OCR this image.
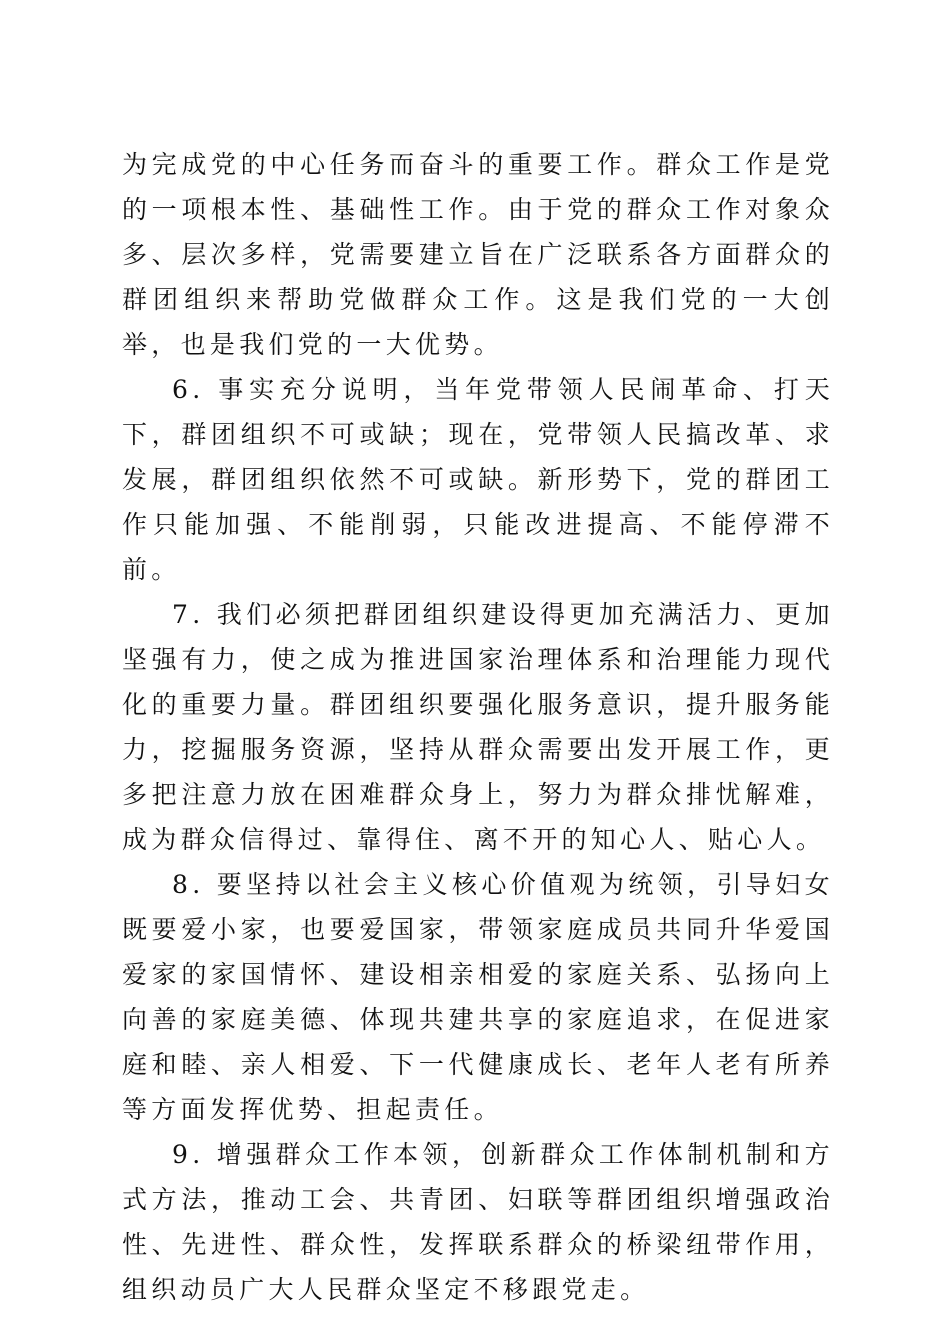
为完成党的中心任务而奋斗的重要工作。群众工作是党的一项根本性、基础性工作。由于党的群众工作对象众多、层次多样，党需要建立旨在广泛联系各方面群众的群团组织来帮助党做群众工作。这是我们党的一大创举，也是我们党的一大优势。

6. 事实充分说明，当年党带领人民闹革命、打天下，群团组织不可或缺；现在，党带领人民搞改革、求发展，群团组织依然不可或缺。新形势下，党的群团工作只能加强、不能削弱，只能改进提高、不能停滞不前。

7. 我们必须把群团组织建设得更加充满活力、更加坚强有力，使之成为推进国家治理体系和治理能力现代化的重要力量。群团组织要强化服务意识，提升服务能力，挖掘服务资源，坚持从群众需要出发开展工作，更多把注意力放在困难群众身上，努力为群众排忧解难，成为群众信得过、靠得住、离不开的知心人、贴心人。

8. 要坚持以社会主义核心价值观为统领，引导妇女既要爱小家，也要爱国家，带领家庭成员共同升华爱国爱家的家国情怀、建设相亲相爱的家庭关系、弘扬向上向善的家庭美德、体现共建共享的家庭追求，在促进家庭和睦、亲人相爱、下一代健康成长、老年人老有所养等方面发挥优势、担起责任。

9. 增强群众工作本领，创新群众工作体制机制和方式方法，推动工会、共青团、妇联等群团组织增强政治性、先进性、群众性，发挥联系群众的桥梁纽带作用，组织动员广大人民群众坚定不移跟党走。
